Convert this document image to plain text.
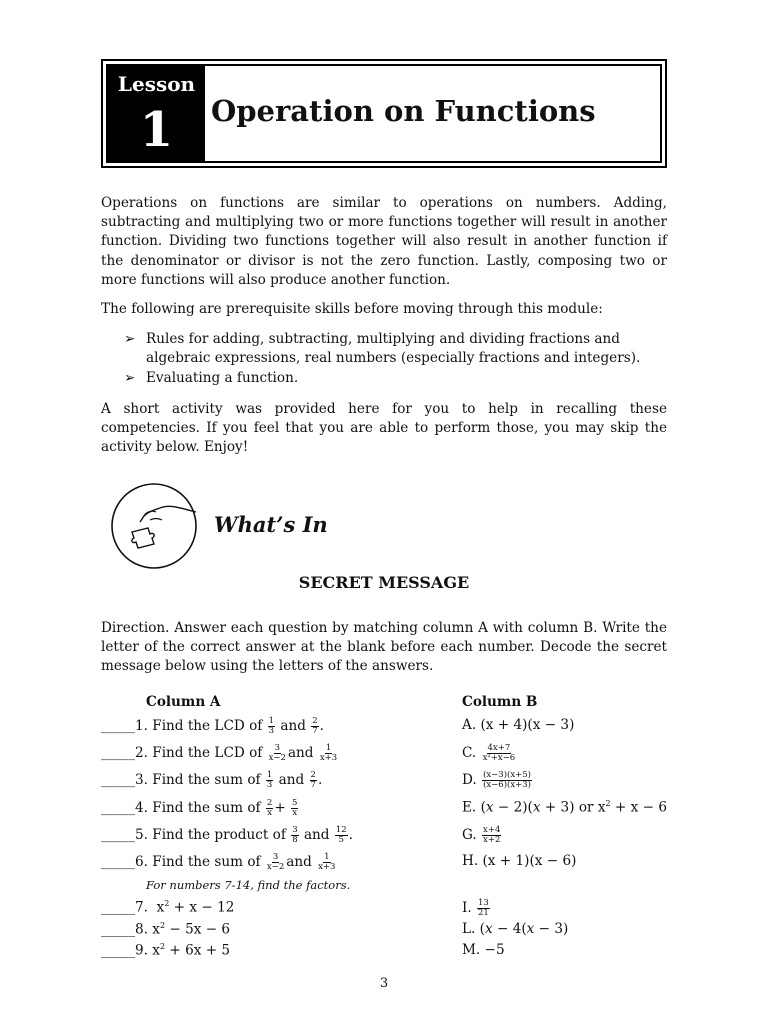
Lesson
1	Operation on Functions
Operations on functions are similar to operations on numbers. Adding, subtracting and multiplying two or more functions together will result in another function. Dividing two functions together will also result in another function if the denominator or divisor is not the zero function. Lastly, composing two or more functions will also produce another function.
The following are prerequisite skills before moving through this module:
➢ Rules for adding, subtracting, multiplying and dividing fractions and algebraic expressions, real numbers (especially fractions and integers).
➢ Evaluating a function.
A short activity was provided here for you to help in recalling these competencies. If you feel that you are able to perform those, you may skip the activity below. Enjoy!
What’s In
SECRET MESSAGE
Direction. Answer each question by matching column A with column B. Write the letter of the correct answer at the blank before each number. Decode the secret message below using the letters of the answers.
Column A	Column B
_____1. Find the LCD of $\frac{1}{3}$ and $\frac{2}{7}$ .
_____2. Find the LCD of $\frac{3}{x-2}$ and $\frac{1}{x+3}$
_____3. Find the sum of $\frac{1}{3}$ and $\frac{2}{7}$ .
_____4. Find the sum of $\frac{2}{x} + \frac{5}{x}$
_____5. Find the product of $\frac{3}{8}$ and $\frac{12}{5}$ .
_____6. Find the sum of $\frac{3}{x-2}$ and $\frac{1}{x+3}$
For numbers 7-14, find the factors.
_____7.  $x^2 + x - 12$
_____8. $x^2 - 5x - 6$
_____9. $x^2 + 6x + 5$
A. (x + 4)(x − 3)
C. $\frac{4x+7}{\text{x²+x−6}}$
D. $\frac{(x-3)(x+5)}{(x-6)(x+3)}$
E. (x − 2)(x + 3) or $x^2 + x - 6$
G. $\frac{x+4}{x+2}$
H. (x + 1)(x − 6)
I. $\frac{13}{21}$
L. (x − 4(x − 3)
M. −5
3
